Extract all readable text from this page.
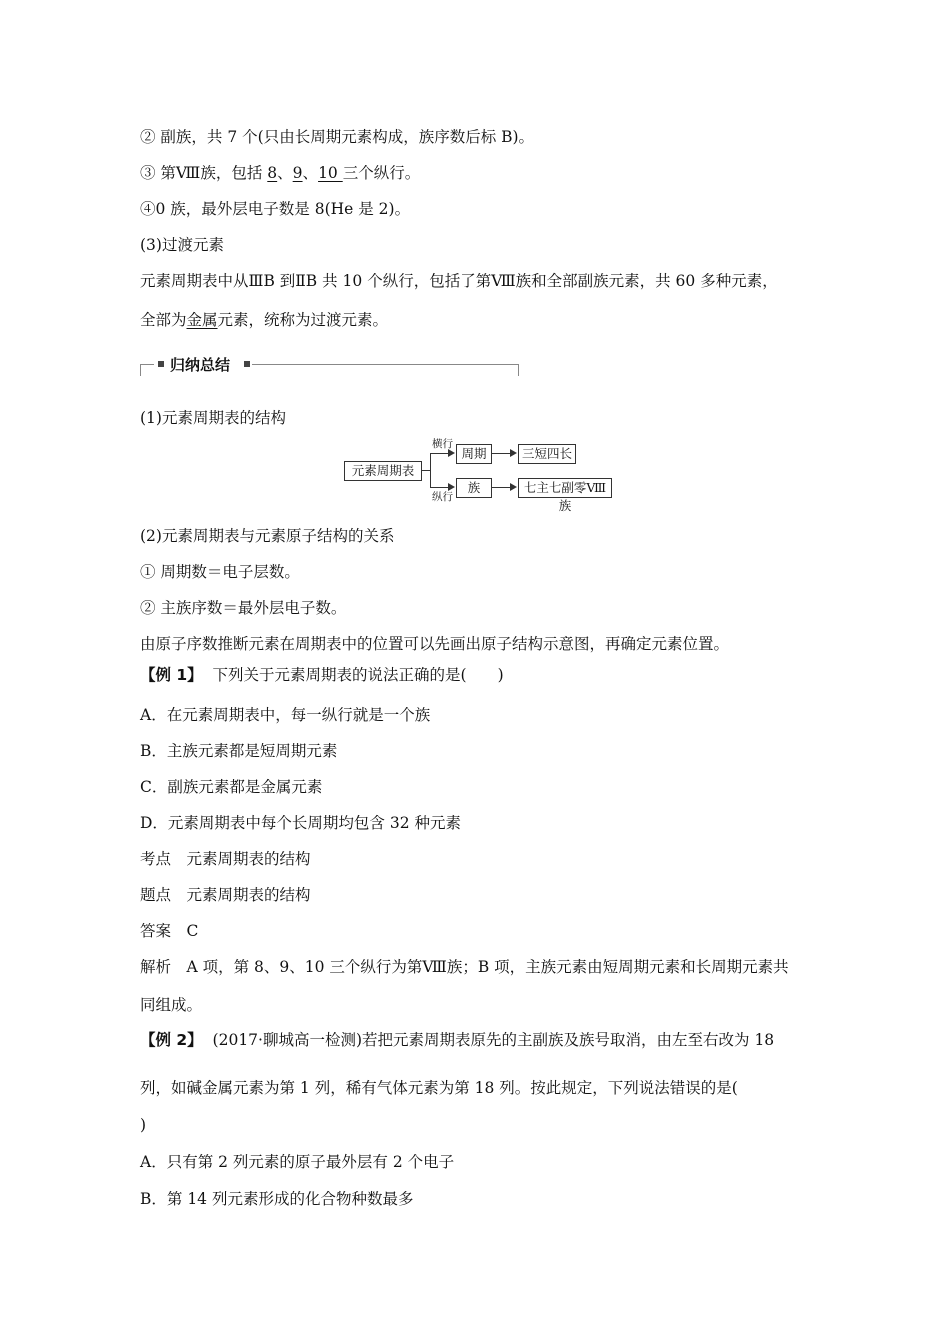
② 副族，共 7 个(只由长周期元素构成，族序数后标 B)。
③ 第Ⅷ族，包括 8、9、10 三个纵行。
④0 族，最外层电子数是 8(He 是 2)。
(3)过渡元素
元素周期表中从ⅢB 到ⅡB 共 10 个纵行，包括了第Ⅷ族和全部副族元素，共 60 多种元素，
全部为金属元素，统称为过渡元素。
归纳总结
(1)元素周期表的结构
元素周期表
横行
纵行
周期
族
三短四长
七主七副零Ⅷ族
(2)元素周期表与元素原子结构的关系
① 周期数＝电子层数。
② 主族序数＝最外层电子数。
由原子序数推断元素在周期表中的位置可以先画出原子结构示意图，再确定元素位置。
【例 1】 下列关于元素周期表的说法正确的是(　　)
A．在元素周期表中，每一纵行就是一个族
B．主族元素都是短周期元素
C．副族元素都是金属元素
D．元素周期表中每个长周期均包含 32 种元素
考点　元素周期表的结构
题点　元素周期表的结构
答案　C
解析　A 项，第 8、9、10 三个纵行为第Ⅷ族；B 项，主族元素由短周期元素和长周期元素共
同组成。
【例 2】 (2017·聊城高一检测)若把元素周期表原先的主副族及族号取消，由左至右改为 18
列，如碱金属元素为第 1 列，稀有气体元素为第 18 列。按此规定，下列说法错误的是(
)
A．只有第 2 列元素的原子最外层有 2 个电子
B．第 14 列元素形成的化合物种数最多
